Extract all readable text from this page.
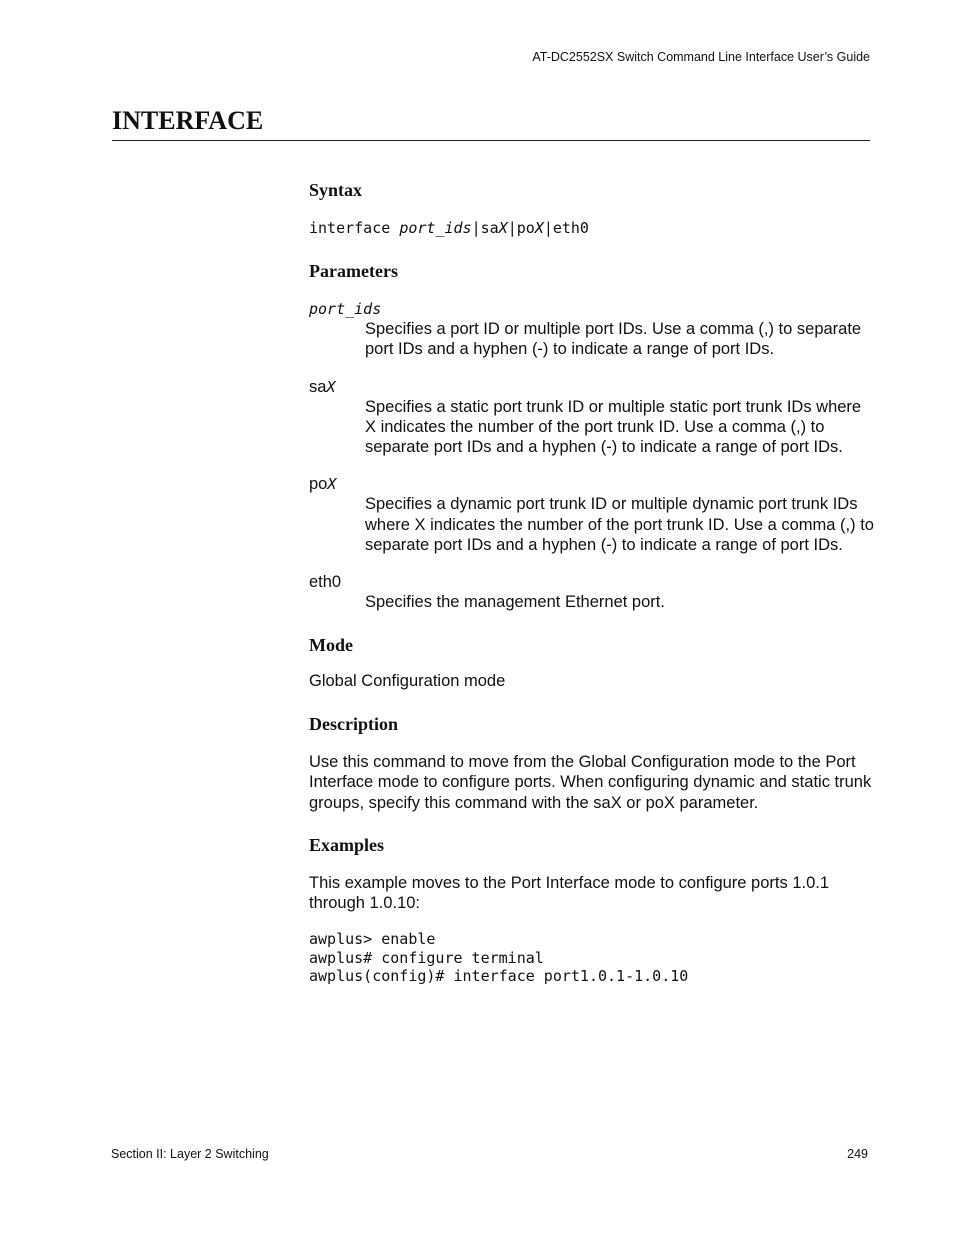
AT-DC2552SX Switch Command Line Interface User’s Guide
INTERFACE
Syntax
interface port_ids|saX|poX|eth0
Parameters
port_ids
Specifies a port ID or multiple port IDs. Use a comma (,) to separate port IDs and a hyphen (-) to indicate a range of port IDs.
saX
Specifies a static port trunk ID or multiple static port trunk IDs where X indicates the number of the port trunk ID. Use a comma (,) to separate port IDs and a hyphen (-) to indicate a range of port IDs.
poX
Specifies a dynamic port trunk ID or multiple dynamic port trunk IDs where X indicates the number of the port trunk ID. Use a comma (,) to separate port IDs and a hyphen (-) to indicate a range of port IDs.
eth0
Specifies the management Ethernet port.
Mode
Global Configuration mode
Description
Use this command to move from the Global Configuration mode to the Port Interface mode to configure ports. When configuring dynamic and static trunk groups, specify this command with the saX or poX parameter.
Examples
This example moves to the Port Interface mode to configure ports 1.0.1 through 1.0.10:
awplus> enable
awplus# configure terminal
awplus(config)# interface port1.0.1-1.0.10
Section II: Layer 2 Switching	249
